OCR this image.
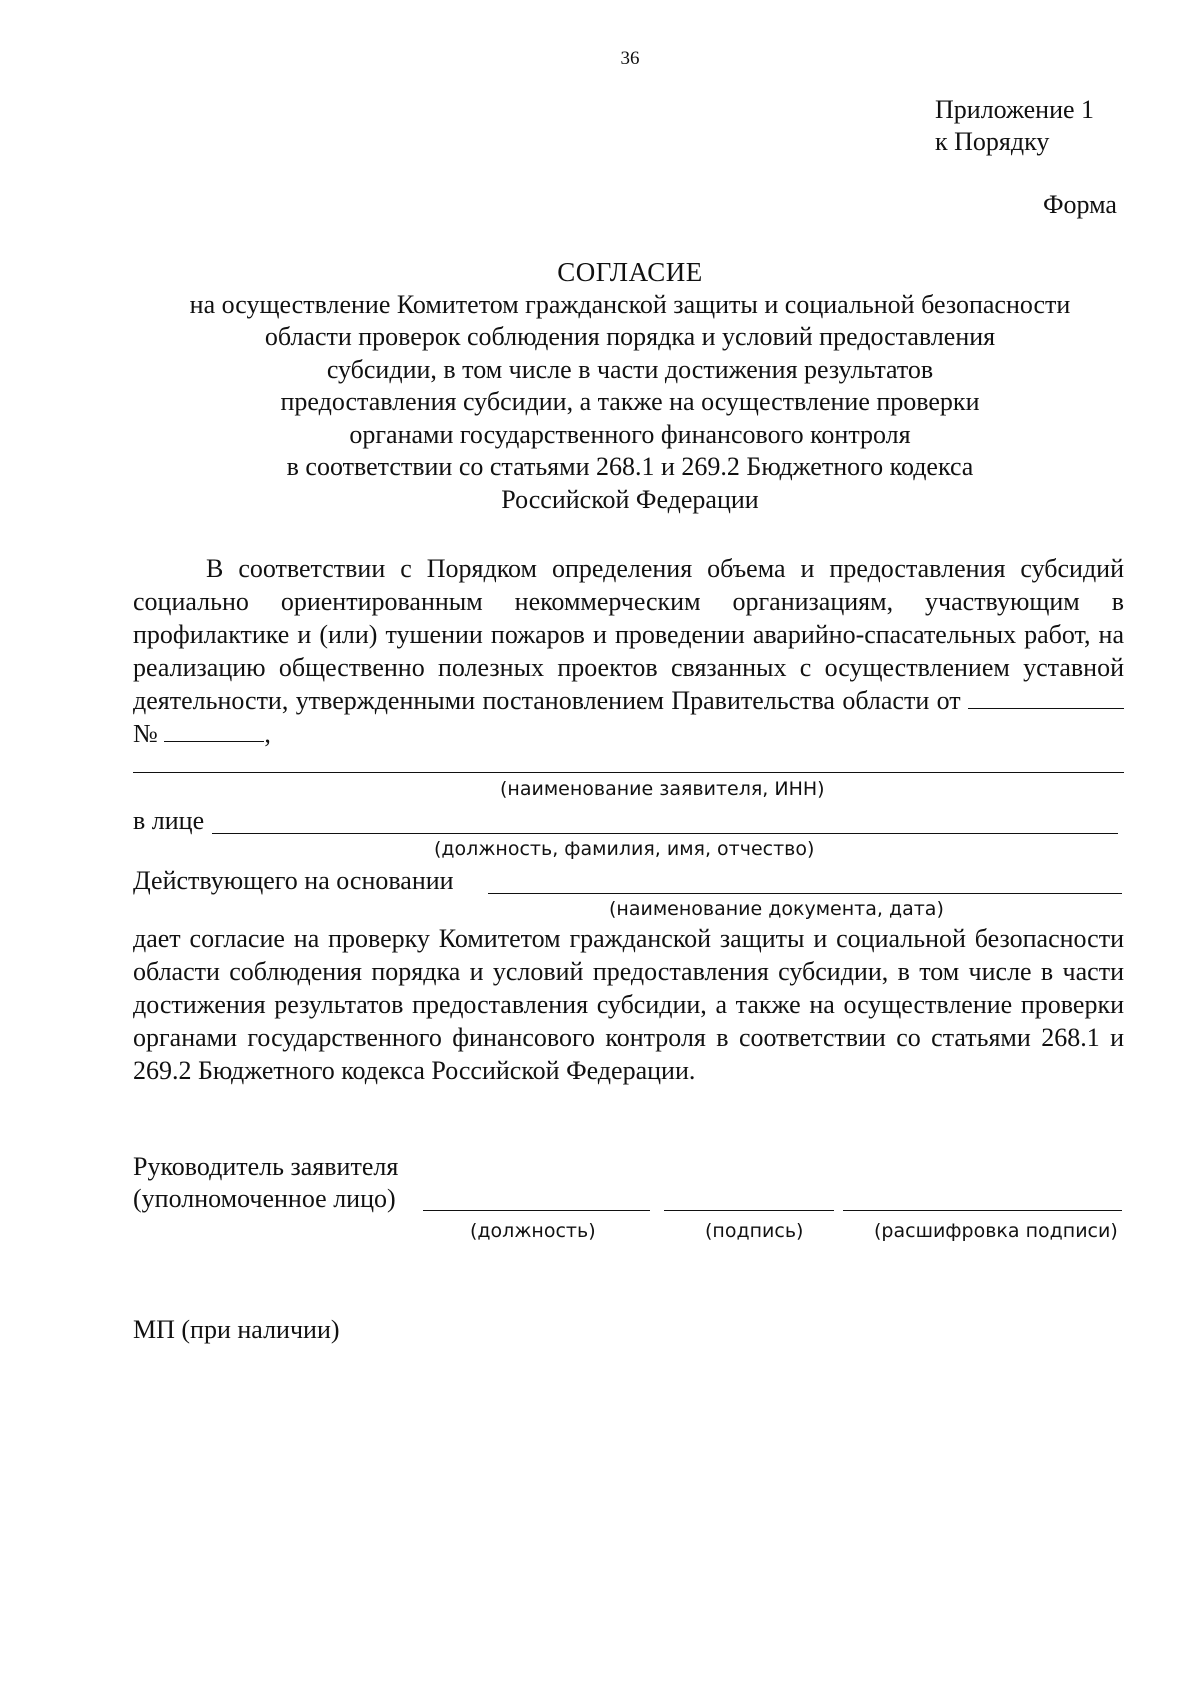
36
Приложение 1
к Порядку
Форма
СОГЛАСИЕ
на осуществление Комитетом гражданской защиты и социальной безопасности
области проверок соблюдения порядка и условий предоставления
субсидии, в том числе в части достижения результатов
предоставления субсидии, а также на осуществление проверки
органами государственного финансового контроля
в соответствии со статьями 268.1 и 269.2 Бюджетного кодекса
Российской Федерации
В соответствии с Порядком определения объема и предоставления субсидий социально ориентированным некоммерческим организациям, участвующим в профилактике и (или) тушении пожаров и проведении аварийно-спасательных работ, на реализацию общественно полезных проектов связанных с осуществлением уставной деятельности, утвержденными постановлением Правительства области от  №	,
(наименование заявителя, ИНН)
в лице
(должность, фамилия, имя, отчество)
Действующего на основании
(наименование документа, дата)
дает согласие на проверку Комитетом гражданской защиты и социальной безопасности области соблюдения порядка и условий предоставления субсидии, в том числе в части достижения результатов предоставления субсидии, а также на осуществление проверки органами государственного финансового контроля в соответствии со статьями 268.1 и 269.2 Бюджетного кодекса Российской Федерации.
Руководитель заявителя
(уполномоченное лицо)
(должность)	(подпись)	(расшифровка подписи)
МП (при наличии)
